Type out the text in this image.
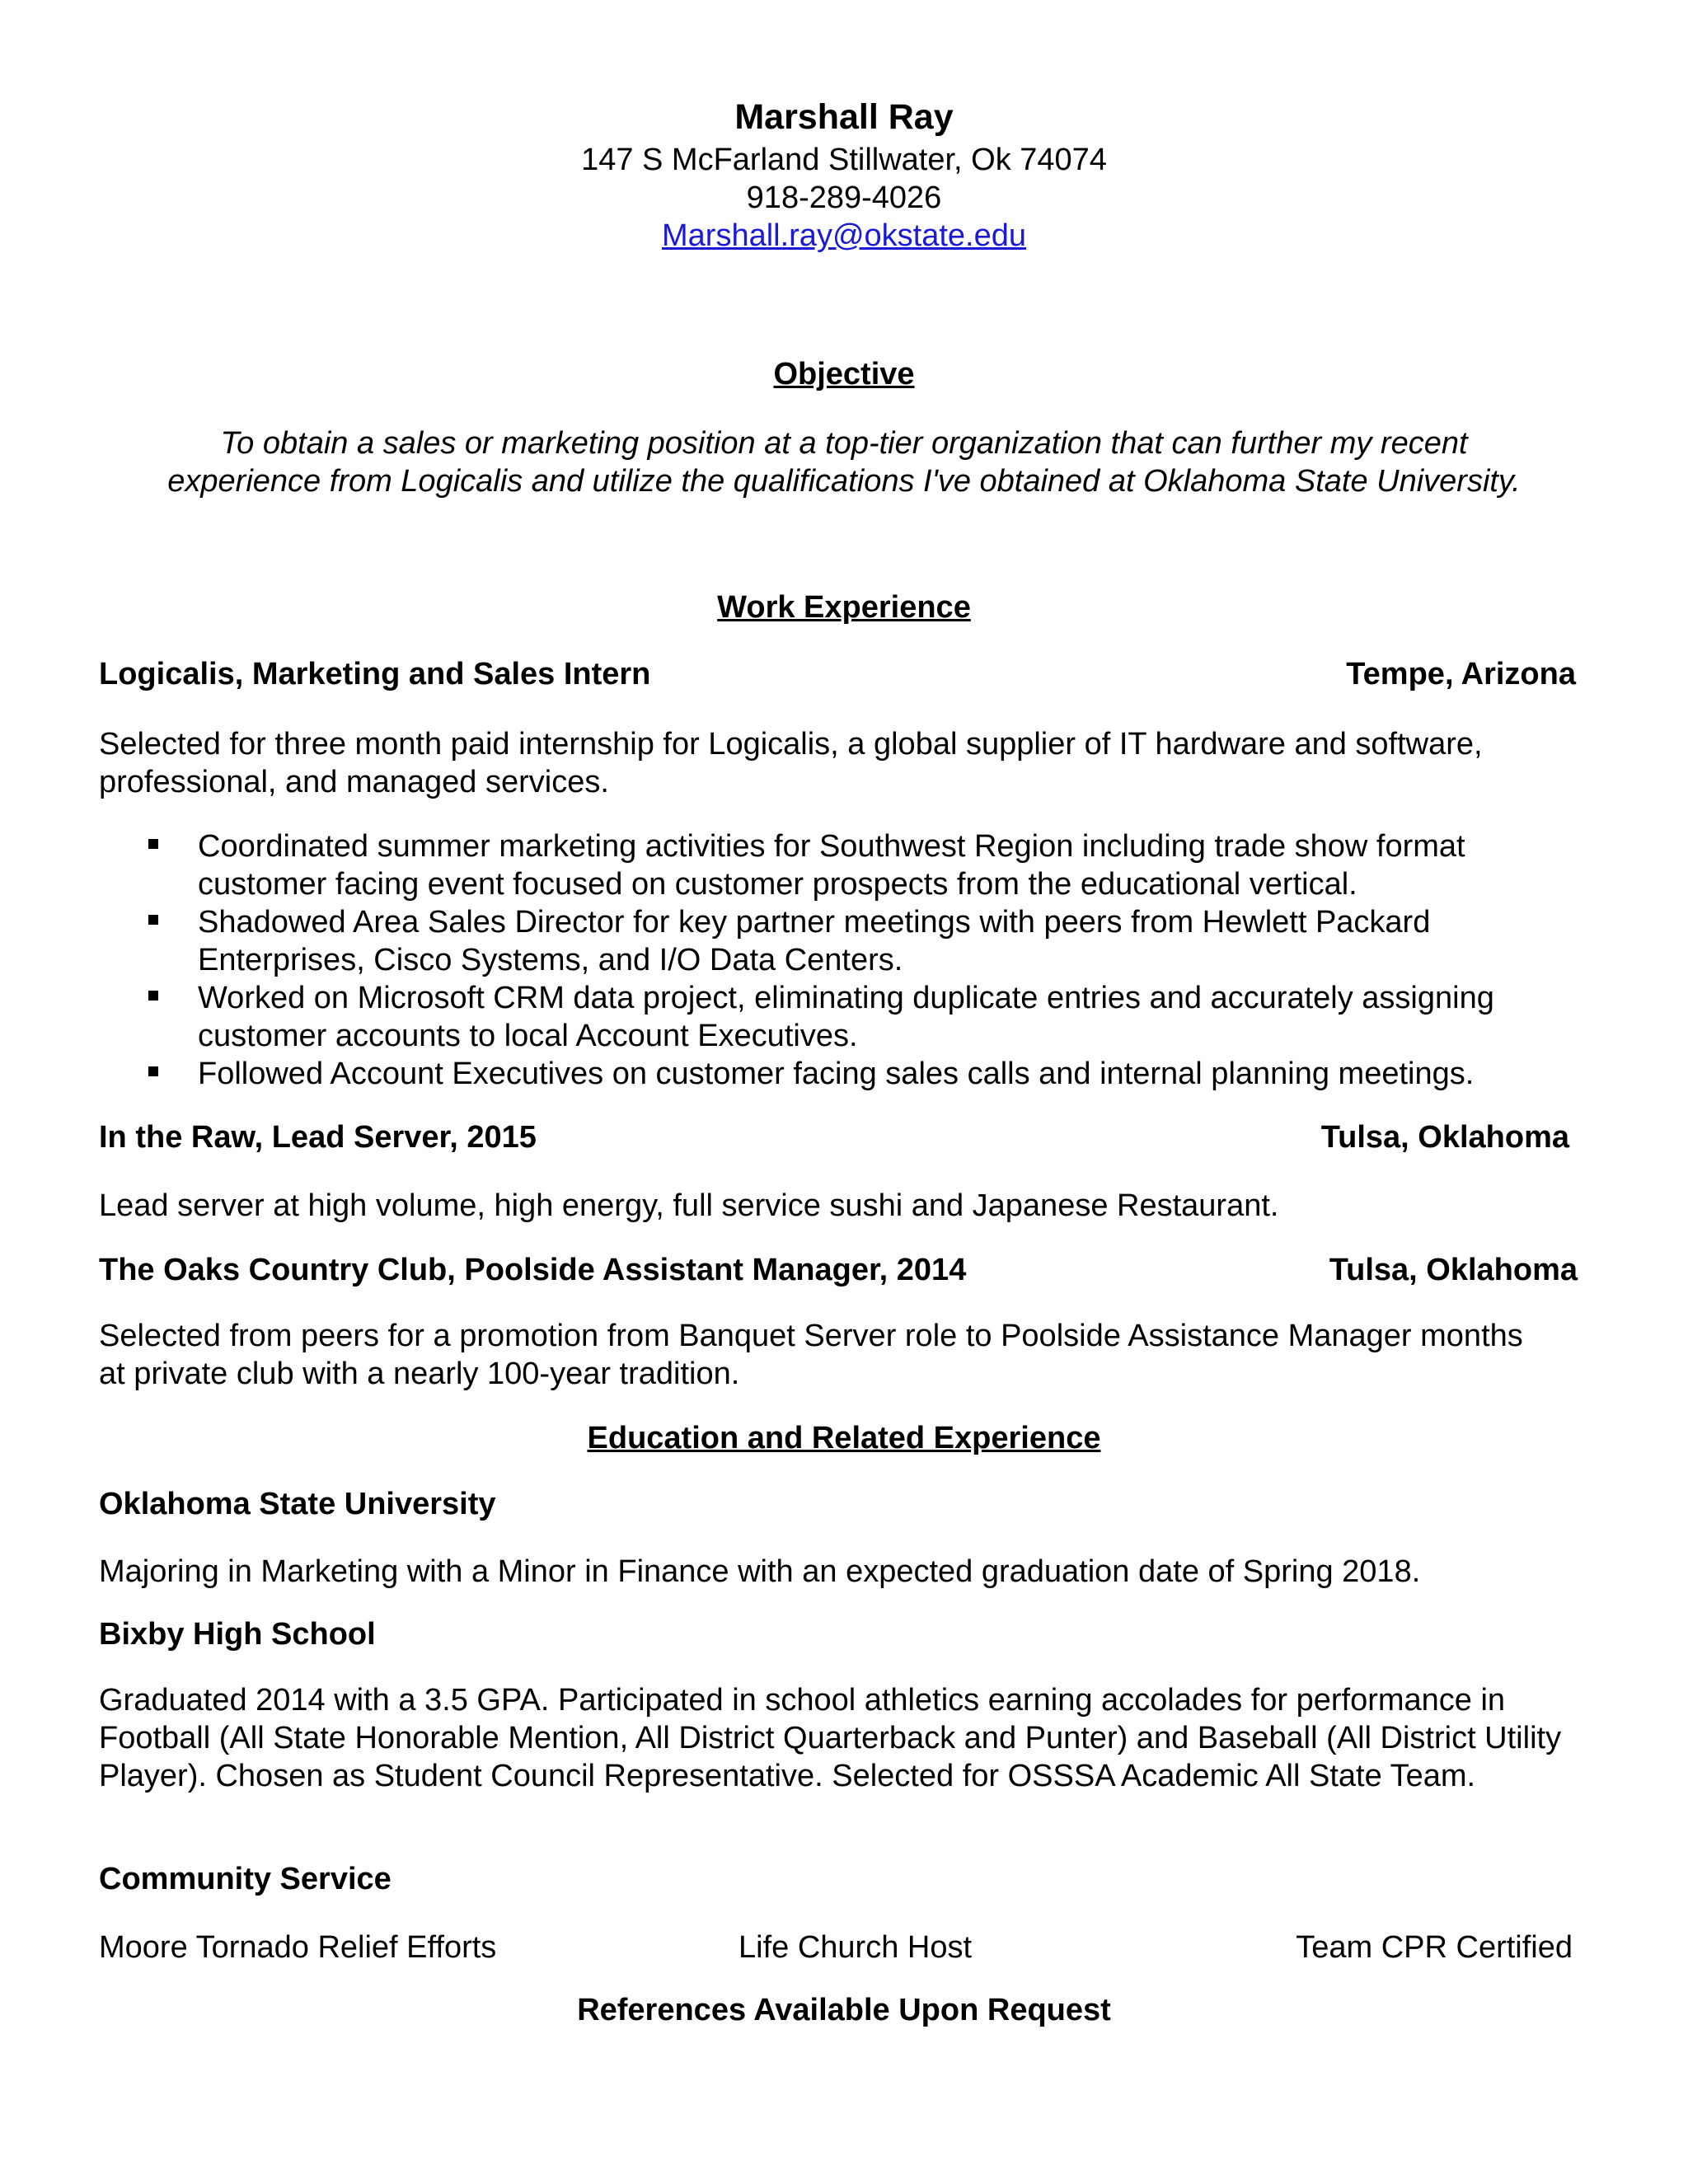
Marshall Ray
147 S McFarland Stillwater, Ok 74074
918-289-4026
Marshall.ray@okstate.edu
Objective
To obtain a sales or marketing position at a top-tier organization that can further my recent
experience from Logicalis and utilize the qualifications I've obtained at Oklahoma State University.
Work Experience
Logicalis, Marketing and Sales Intern	Tempe, Arizona
Selected for three month paid internship for Logicalis, a global supplier of IT hardware and software, professional, and managed services.
Coordinated summer marketing activities for Southwest Region including trade show format customer facing event focused on customer prospects from the educational vertical.
Shadowed Area Sales Director for key partner meetings with peers from Hewlett Packard Enterprises, Cisco Systems, and I/O Data Centers.
Worked on Microsoft CRM data project, eliminating duplicate entries and accurately assigning customer accounts to local Account Executives.
Followed Account Executives on customer facing sales calls and internal planning meetings.
In the Raw, Lead Server, 2015	Tulsa, Oklahoma
Lead server at high volume, high energy, full service sushi and Japanese Restaurant.
The Oaks Country Club, Poolside Assistant Manager, 2014	Tulsa, Oklahoma
Selected from peers for a promotion from Banquet Server role to Poolside Assistance Manager months at private club with a nearly 100-year tradition.
Education and Related Experience
Oklahoma State University
Majoring in Marketing with a Minor in Finance with an expected graduation date of Spring 2018.
Bixby High School
Graduated 2014 with a 3.5 GPA. Participated in school athletics earning accolades for performance in Football (All State Honorable Mention, All District Quarterback and Punter) and Baseball (All District Utility Player). Chosen as Student Council Representative. Selected for OSSSA Academic All State Team.
Community Service
Moore Tornado Relief Efforts	Life Church Host	Team CPR Certified
References Available Upon Request
